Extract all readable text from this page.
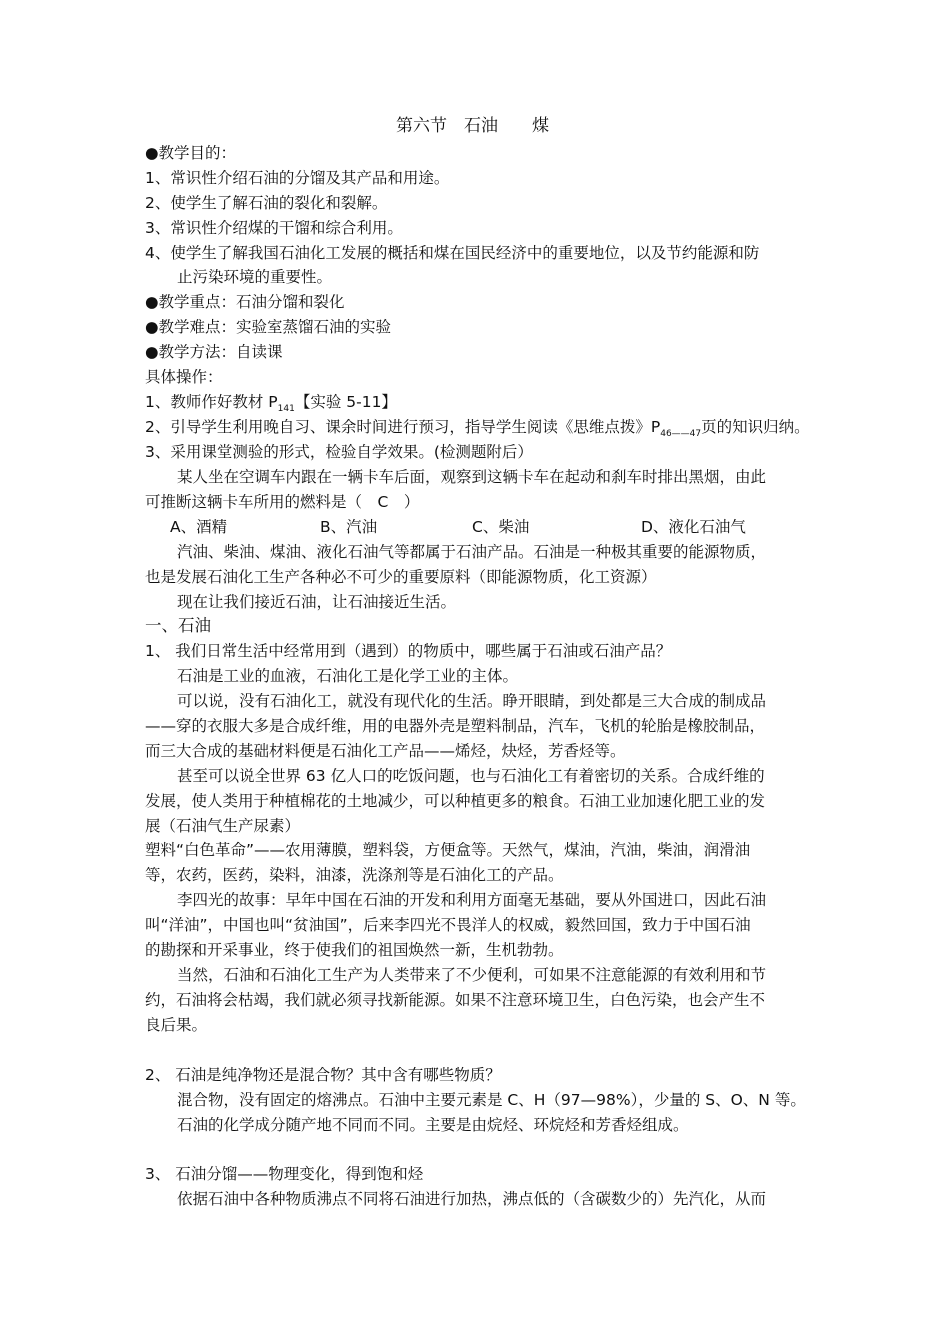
第六节　石油　　煤
●教学目的：
1、常识性介绍石油的分馏及其产品和用途。
2、使学生了解石油的裂化和裂解。
3、常识性介绍煤的干馏和综合利用。
4、使学生了解我国石油化工发展的概括和煤在国民经济中的重要地位，以及节约能源和防
止污染环境的重要性。
●教学重点：石油分馏和裂化
●教学难点：实验室蒸馏石油的实验
●教学方法：自读课
具体操作：
1、教师作好教材 $P_{141}$【实验 5-11】
2、引导学生利用晚自习、课余时间进行预习，指导学生阅读《思维点拨》$P_{46——47}$页的知识归纳。
3、采用课堂测验的形式，检验自学效果。(检测题附后）
某人坐在空调车内跟在一辆卡车后面，观察到这辆卡车在起动和刹车时排出黑烟，由此
可推断这辆卡车所用的燃料是（　C　）
A、酒精	B、汽油	C、柴油	D、液化石油气
汽油、柴油、煤油、液化石油气等都属于石油产品。石油是一种极其重要的能源物质，
也是发展石油化工生产各种必不可少的重要原料（即能源物质，化工资源）
现在让我们接近石油，让石油接近生活。
一、石油
1、 我们日常生活中经常用到（遇到）的物质中，哪些属于石油或石油产品？
石油是工业的血液，石油化工是化学工业的主体。
可以说，没有石油化工，就没有现代化的生活。睁开眼睛，到处都是三大合成的制成品
——穿的衣服大多是合成纤维，用的电器外壳是塑料制品，汽车，飞机的轮胎是橡胶制品，
而三大合成的基础材料便是石油化工产品——烯烃，炔烃，芳香烃等。
甚至可以说全世界 63 亿人口的吃饭问题，也与石油化工有着密切的关系。合成纤维的
发展，使人类用于种植棉花的土地减少，可以种植更多的粮食。石油工业加速化肥工业的发
展（石油气生产尿素）
塑料“白色革命”——农用薄膜，塑料袋，方便盒等。天然气，煤油，汽油，柴油，润滑油
等，农药，医药，染料，油漆，洗涤剂等是石油化工的产品。
李四光的故事：早年中国在石油的开发和利用方面毫无基础，要从外国进口，因此石油
叫“洋油”，中国也叫“贫油国”，后来李四光不畏洋人的权威，毅然回国，致力于中国石油
的勘探和开采事业，终于使我们的祖国焕然一新，生机勃勃。
当然，石油和石油化工生产为人类带来了不少便利，可如果不注意能源的有效利用和节
约，石油将会枯竭，我们就必须寻找新能源。如果不注意环境卫生，白色污染，也会产生不
良后果。
2、 石油是纯净物还是混合物？其中含有哪些物质？
混合物，没有固定的熔沸点。石油中主要元素是 C、H（97—98%），少量的 S、O、N 等。
石油的化学成分随产地不同而不同。主要是由烷烃、环烷烃和芳香烃组成。
3、 石油分馏——物理变化，得到饱和烃
依据石油中各种物质沸点不同将石油进行加热，沸点低的（含碳数少的）先汽化，从而
